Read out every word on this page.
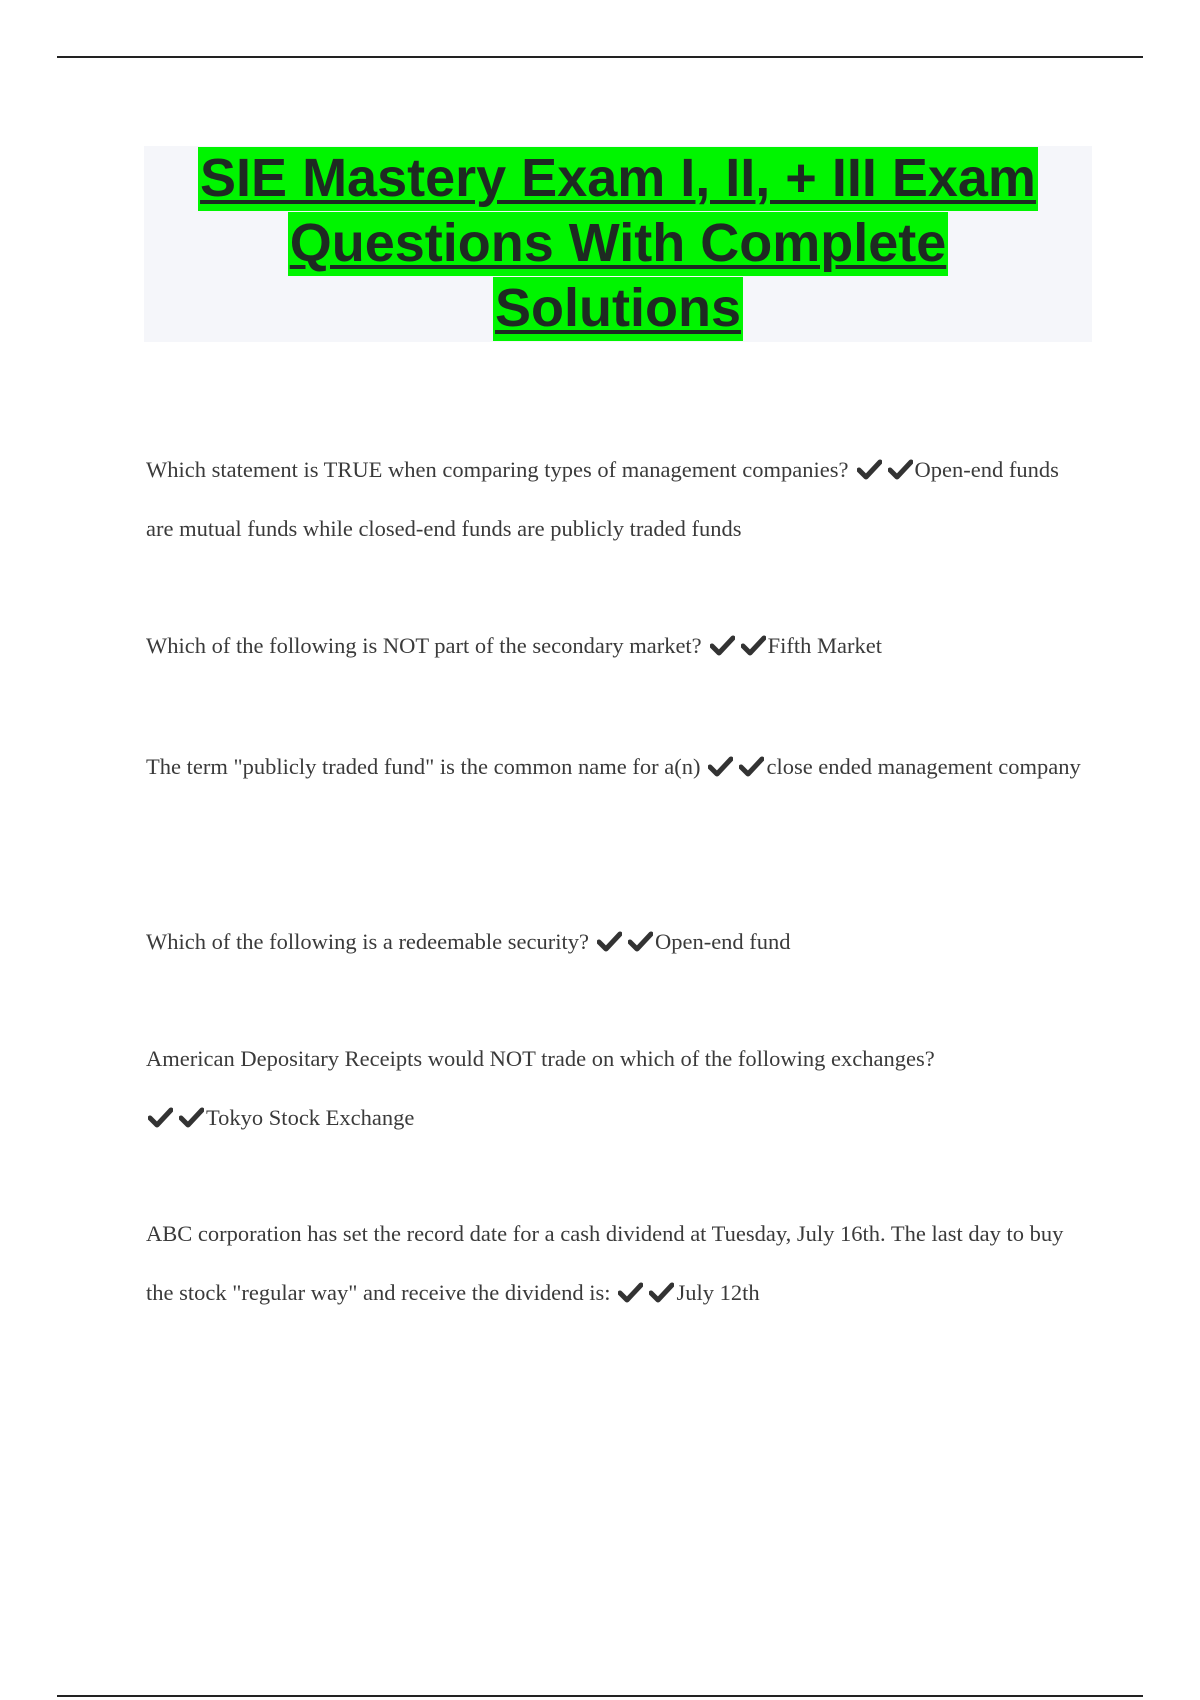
SIE Mastery Exam I, II, + III Exam
Questions With Complete
Solutions
Which statement is TRUE when comparing types of management companies?	Open-end funds are mutual funds while closed-end funds are publicly traded funds
Which of the following is NOT part of the secondary market?	Fifth Market
The term "publicly traded fund" is the common name for a(n)	close ended management company
Which of the following is a redeemable security?	Open-end fund
American Depositary Receipts would NOT trade on which of the following exchanges?

Tokyo Stock Exchange
ABC corporation has set the record date for a cash dividend at Tuesday, July 16th. The last day to buy the stock "regular way" and receive the dividend is:	July 12th
